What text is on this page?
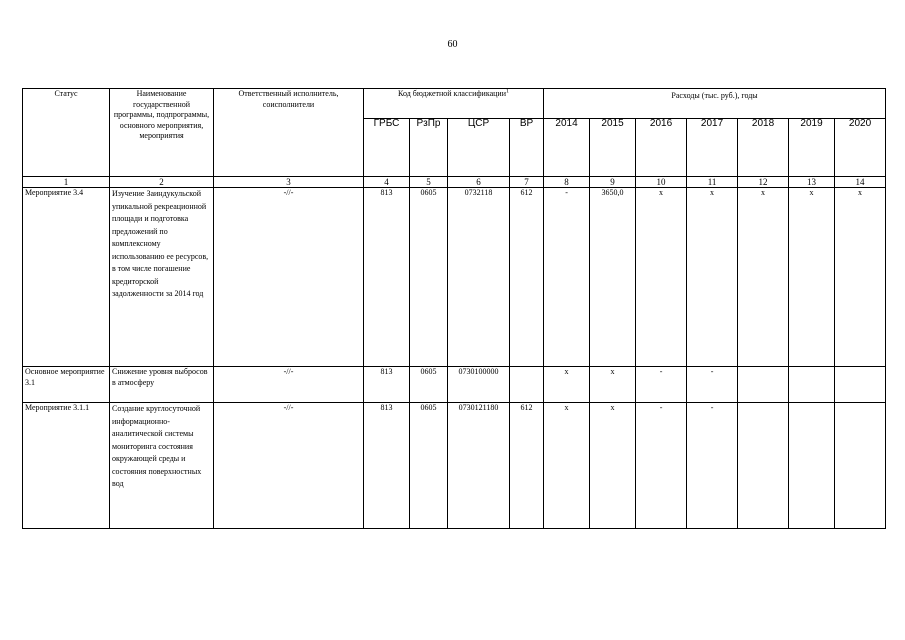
60
Статус	Наименование государственной программы, подпрограммы, основного мероприятия, мероприятия	Ответственный исполнитель, соисполнители	Код бюджетной классификации$^1$				Расходы (тыс. руб.), годы						
			ГРБС	РзПр	ЦСР	ВР	2014	2015	2016	2017	2018	2019	2020
1	2	3	4	5	6	7	8	9	10	11	12	13	14
Мероприятие 3.4	Изучение Заиндукульской упикальной рекреационной площади и подготовка предложений по комплексному использованию ее ресурсов, в том числе погашение кредиторской задолженности за 2014 год	-//-	813	0605	0732118	612	-	3650,0	x	x	x	x	x
Основное мероприятие 3.1	Снижение уровня выбросов в атмосферу	-//-	813	0605	0730100000		x	x	-	-			
Мероприятие 3.1.1	Создание круглосуточной информационно-аналитической системы мониторинга состояния окружающей среды и состояния поверхностных вод	-//-	813	0605	0730121180	612	x	x	-	-			
